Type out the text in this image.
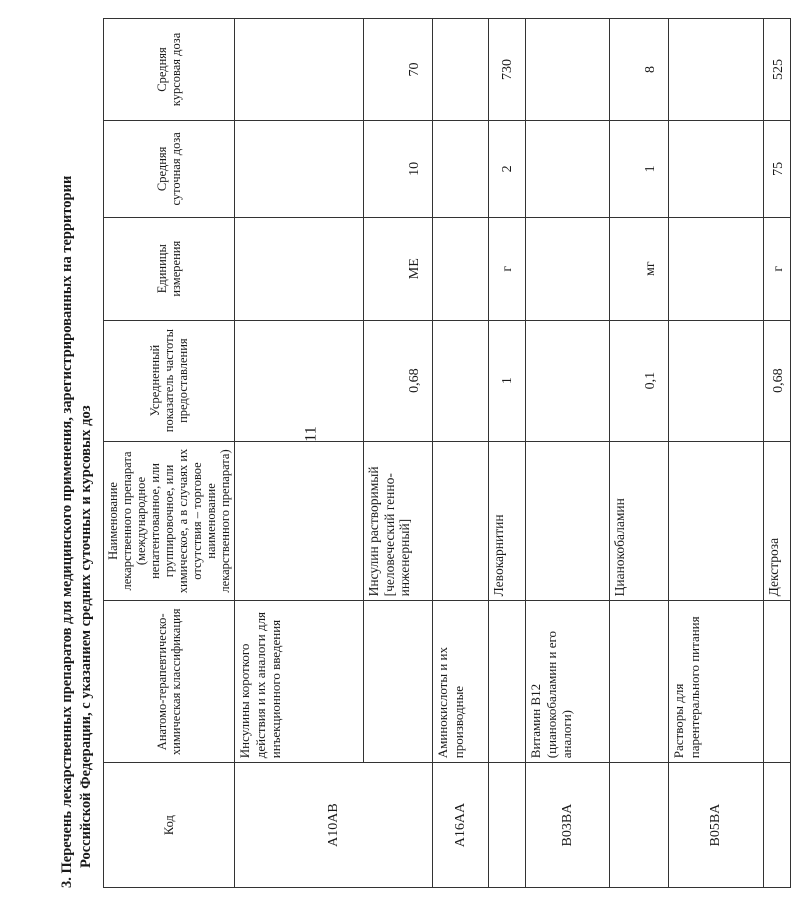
11
3. Перечень лекарственных препаратов для медицинского применения, зарегистрированных на территории Российской Федерации, с указанием средних суточных и курсовых доз	Код	Анатомо-терапевтическо-химическая классификация	Наименование лекарственного препарата (международное непатентованное, или группировочное, или химическое, а в случаях их отсутствия – торговое наименование лекарственного препарата)	Усредненный показатель частоты предоставления	Единицы измерения	Средняя суточная доза	Средняя курсовая доза
A10AB	Инсулины короткого действия и их аналоги для инъекционного введения					
		Инсулин растворимый [человеческий генно-инженерный]	0,68	МЕ	10	70
A16AA	Аминокислоты и их производные					
		Левокарнитин	1	г	2	730
B03BA	Витамин B12 (цианокобаламин и его аналоги)					

		Цианокобаламин	0,1	мг	1	8
B05BA	Растворы для парентерального питания					

		Декстроза	0,68	г	75	525
